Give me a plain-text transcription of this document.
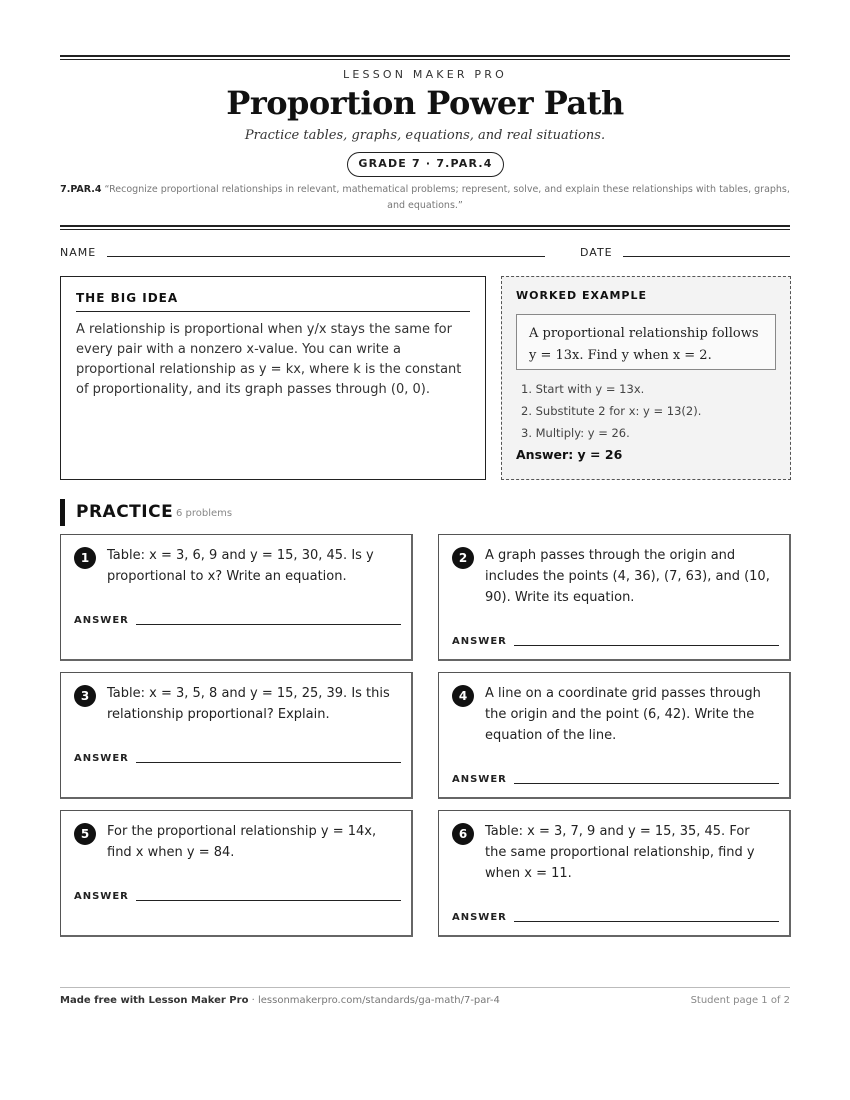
LESSON MAKER PRO
Proportion Power Path
Practice tables, graphs, equations, and real situations.
GRADE 7 · 7.PAR.4
7.PAR.4 “Recognize proportional relationships in relevant, mathematical problems; represent, solve, and explain these relationships with tables, graphs, and equations.”
NAME	DATE
THE BIG IDEA
A relationship is proportional when y/x stays the same for every pair with a nonzero x-value. You can write a proportional relationship as y = kx, where k is the constant of proportionality, and its graph passes through (0, 0).
WORKED EXAMPLE
A proportional relationship follows y = 13x. Find y when x = 2.
1. Start with y = 13x.
2. Substitute 2 for x: y = 13(2).
3. Multiply: y = 26.
Answer: y = 26
PRACTICE 6 problems
1	Table: x = 3, 6, 9 and y = 15, 30, 45. Is y proportional to x? Write an equation.
ANSWER
2	A graph passes through the origin and includes the points (4, 36), (7, 63), and (10, 90). Write its equation.
ANSWER
3	Table: x = 3, 5, 8 and y = 15, 25, 39. Is this relationship proportional? Explain.
ANSWER
4	A line on a coordinate grid passes through the origin and the point (6, 42). Write the equation of the line.
ANSWER
5	For the proportional relationship y = 14x, find x when y = 84.
ANSWER
6	Table: x = 3, 7, 9 and y = 15, 35, 45. For the same proportional relationship, find y when x = 11.
ANSWER
Made free with Lesson Maker Pro · lessonmakerpro.com/standards/ga-math/7-par-4	Student page 1 of 2
